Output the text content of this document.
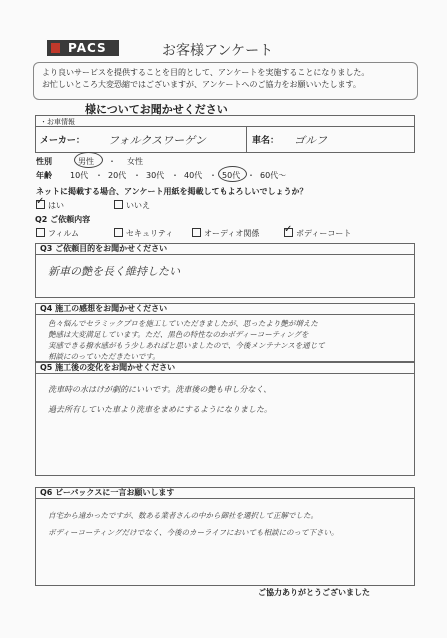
PACS	お客様アンケート
より良いサービスを提供することを目的として、アンケートを実施することになりました。
お忙しいところ大変恐縮ではございますが、アンケートへのご協力をお願いいたします。
様についてお聞かせください
・お車情報
メーカー： フォルクスワーゲン	車名： ゴルフ
性別	男性 ・ 女性
年齢 10代 ・ 20代 ・ 30代 ・ 40代 ・ 50代 ・ 60代〜
ネットに掲載する場合、アンケート用紙を掲載してもよろしいでしょうか？
✓はい	いいえ
Q2 ご依頼内容
フィルム	セキュリティ	オーディオ関係 ✓	ボディーコート
Q3 ご依頼目的をお聞かせください
新車の艶を長く維持したい
Q4 施工の感想をお聞かせください
色々悩んでセラミックプロを施工していただきましたが、思ったより艶が増えた
艶感は大変満足しています。ただ、黒色の特性なのかボディーコーティングを
実感できる撥水感がもう少しあればと思いましたので、今後メンテナンスを通じて
相談にのっていただきたいです。
Q5 施工後の変化をお聞かせください
洗車時の水はけが劇的にいいです。洗車後の艶も申し分なく、
過去所有していた車より洗車をまめにするようになりました。
Q6 ビーパックスに一言お願いします
自宅から遠かったですが、数ある業者さんの中から御社を選択して正解でした。
ボディーコーティングだけでなく、今後のカーライフにおいても相談にのって下さい。
ご協力ありがとうございました
